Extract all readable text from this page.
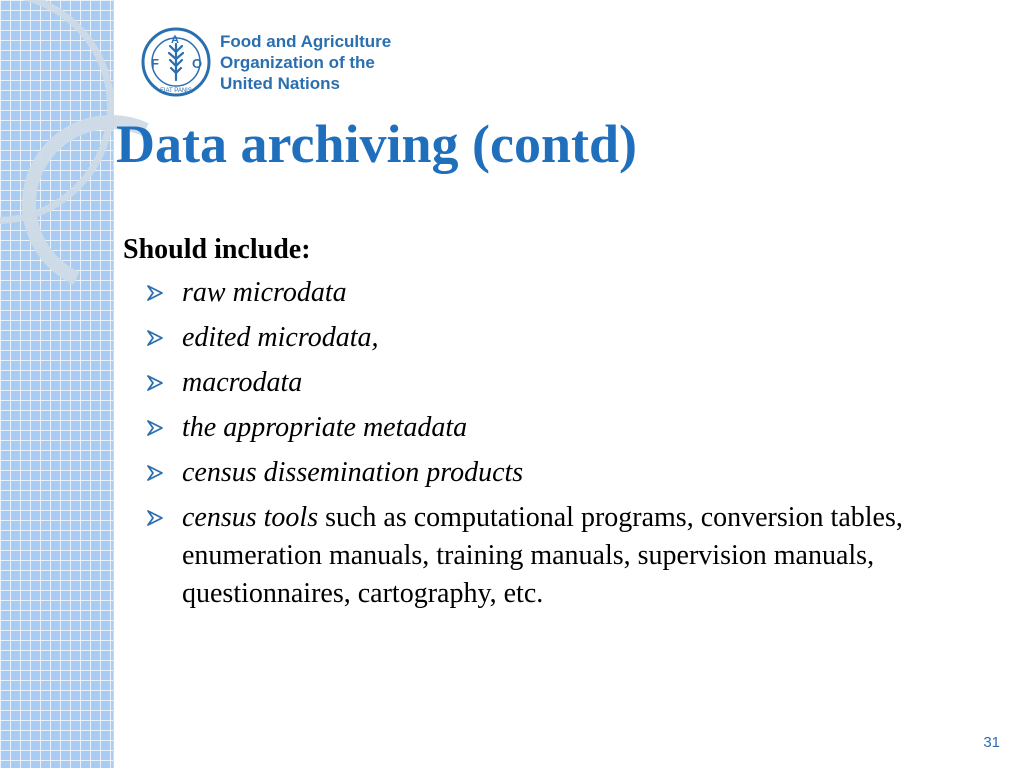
F
A
O
FIAT PANIS
Food and Agriculture
Organization of the
United Nations
Data archiving (contd)

Should include:

raw microdata
edited microdata,
macrodata
the appropriate metadata
census dissemination products
census tools such as computational programs, conversion tables, enumeration manuals, training manuals, supervision manuals, questionnaires, cartography, etc.
31
